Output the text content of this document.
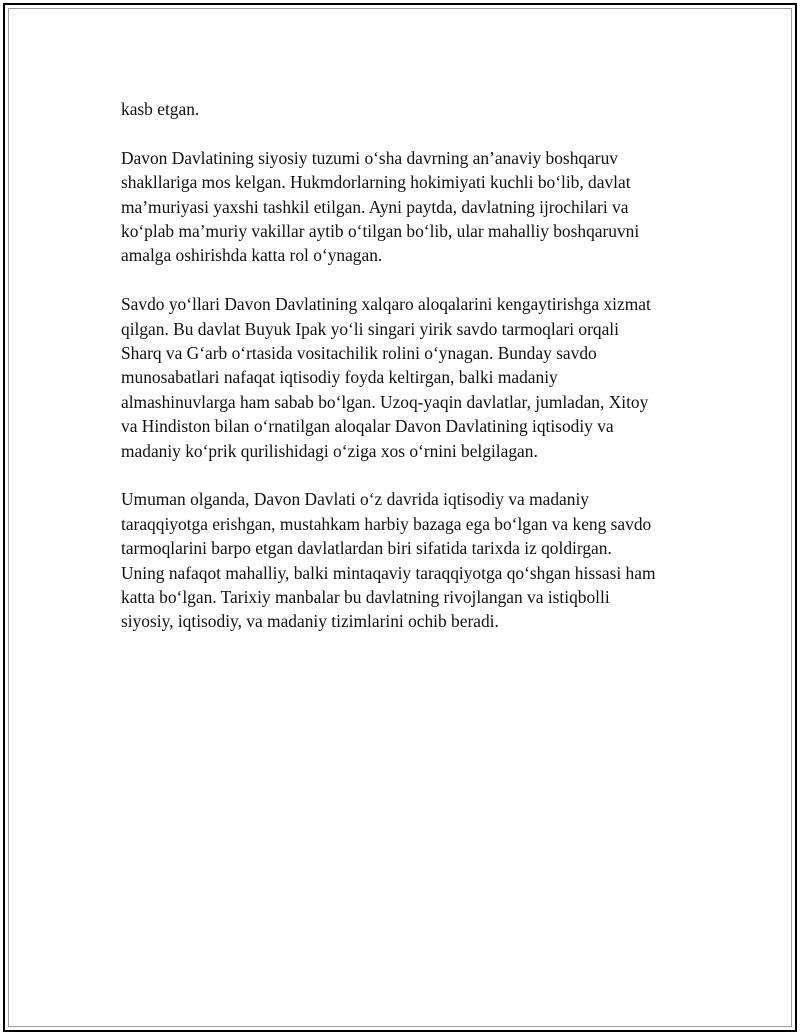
kasb etgan.

Davon Davlatining siyosiy tuzumi o‘sha davrning an’anaviy boshqaruv
shakllariga mos kelgan. Hukmdorlarning hokimiyati kuchli bo‘lib, davlat
ma’muriyasi yaxshi tashkil etilgan. Ayni paytda, davlatning ijrochilari va
ko‘plab ma’muriy vakillar aytib o‘tilgan bo‘lib, ular mahalliy boshqaruvni
amalga oshirishda katta rol o‘ynagan.

Savdo yo‘llari Davon Davlatining xalqaro aloqalarini kengaytirishga xizmat
qilgan. Bu davlat Buyuk Ipak yo‘li singari yirik savdo tarmoqlari orqali
Sharq va G‘arb o‘rtasida vositachilik rolini o‘ynagan. Bunday savdo
munosabatlari nafaqat iqtisodiy foyda keltirgan, balki madaniy
almashinuvlarga ham sabab bo‘lgan. Uzoq-yaqin davlatlar, jumladan, Xitoy
va Hindiston bilan o‘rnatilgan aloqalar Davon Davlatining iqtisodiy va
madaniy ko‘prik qurilishidagi o‘ziga xos o‘rnini belgilagan.

Umuman olganda, Davon Davlati o‘z davrida iqtisodiy va madaniy
taraqqiyotga erishgan, mustahkam harbiy bazaga ega bo‘lgan va keng savdo
tarmoqlarini barpo etgan davlatlardan biri sifatida tarixda iz qoldirgan.
Uning nafaqot mahalliy, balki mintaqaviy taraqqiyotga qo‘shgan hissasi ham
katta bo‘lgan. Tarixiy manbalar bu davlatning rivojlangan va istiqbolli
siyosiy, iqtisodiy, va madaniy tizimlarini ochib beradi.
